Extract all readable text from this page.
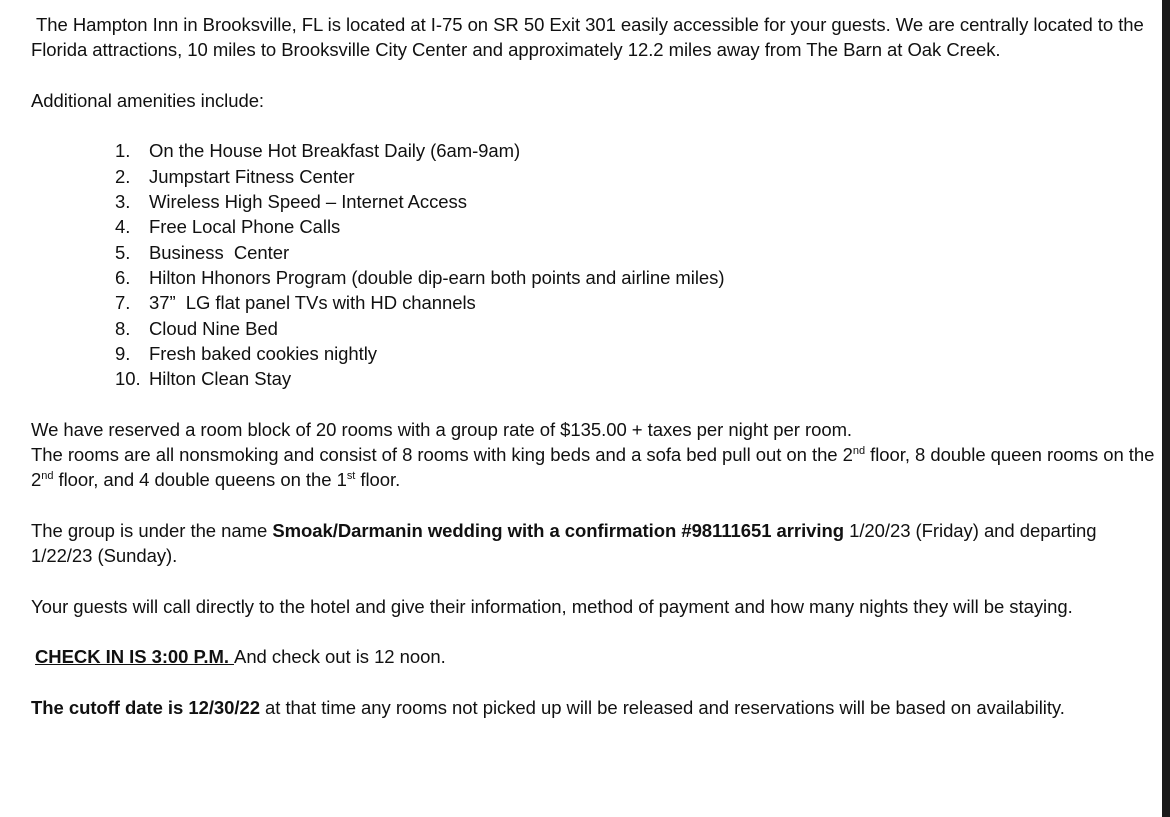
The Hampton Inn in Brooksville, FL is located at I-75 on SR 50 Exit 301 easily accessible for your guests. We are centrally located to the Florida attractions, 10 miles to Brooksville City Center and approximately 12.2 miles away from The Barn at Oak Creek.

Additional amenities include:

1.	On the House Hot Breakfast Daily (6am-9am)
2.	Jumpstart Fitness Center
3.	Wireless High Speed – Internet Access
4.	Free Local Phone Calls
5.	Business  Center
6.	Hilton Hhonors Program (double dip-earn both points and airline miles)
7.	37”  LG flat panel TVs with HD channels
8.	Cloud Nine Bed
9.	Fresh baked cookies nightly
10. Hilton Clean Stay

We have reserved a room block of 20 rooms with a group rate of $135.00 + taxes per night per room.

The rooms are all nonsmoking and consist of 8 rooms with king beds and a sofa bed pull out on the 2nd floor, 8 double queen rooms on the 2nd floor, and 4 double queens on the 1st floor.

The group is under the name Smoak/Darmanin wedding with a confirmation #98111651 arriving 1/20/23 (Friday) and departing 1/22/23 (Sunday).

Your guests will call directly to the hotel and give their information, method of payment and how many nights they will be staying.

CHECK IN IS 3:00 P.M. And check out is 12 noon.

The cutoff date is 12/30/22 at that time any rooms not picked up will be released and reservations will be based on availability.
